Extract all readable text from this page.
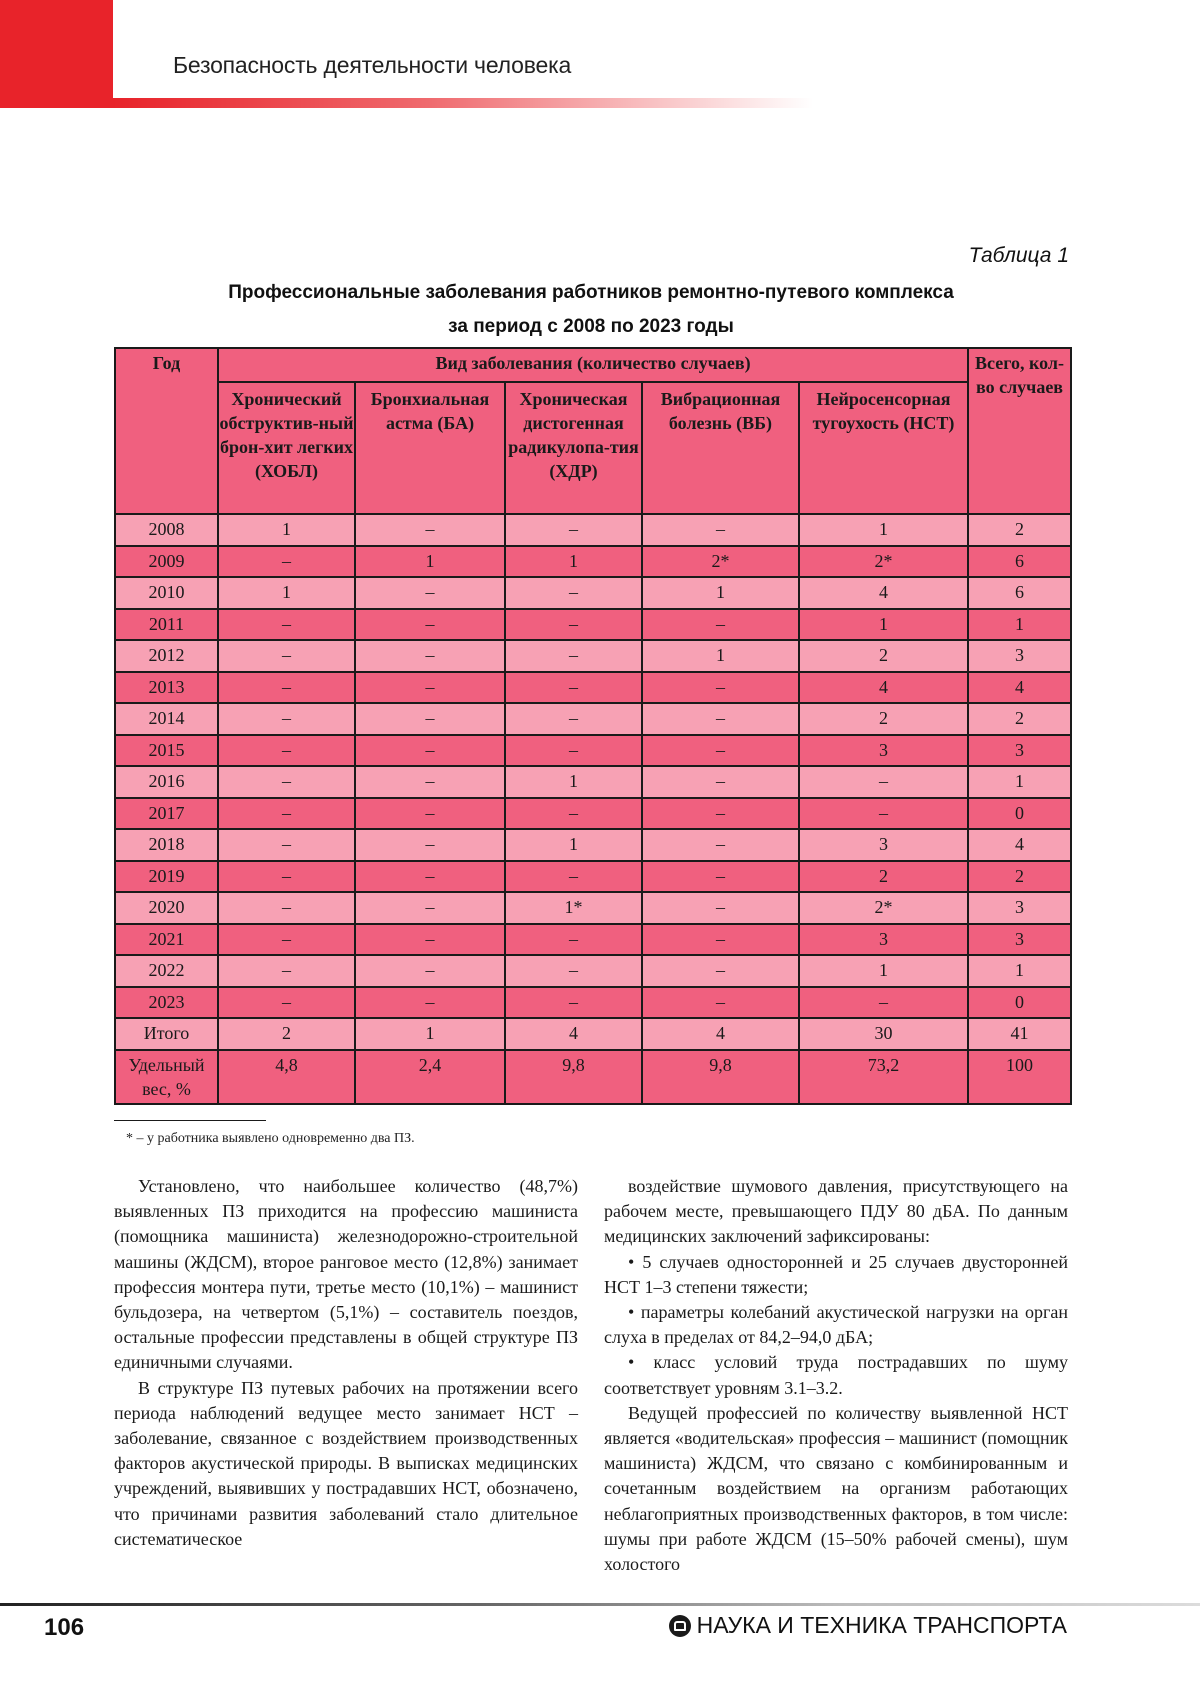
Безопасность деятельности человека
Таблица 1
Профессиональные заболевания работников ремонтно-путевого комплекса
за период с 2008 по 2023 годы
Год	Вид заболевания (количество случаев)					Всего, кол-во случаев
	Хронический обструктив-ный брон-хит легких (ХОБЛ)	Бронхиальная астма (БА)	Хроническая дистогенная радикулопа-тия (ХДР)	Вибрационная болезнь (ВБ)	Нейросенсорная тугоухость (НСТ)	
2008	1	–	–	–	1	2
2009	–	1	1	2*	2*	6
2010	1	–	–	1	4	6
2011	–	–	–	–	1	1
2012	–	–	–	1	2	3
2013	–	–	–	–	4	4
2014	–	–	–	–	2	2
2015	–	–	–	–	3	3
2016	–	–	1	–	–	1
2017	–	–	–	–	–	0
2018	–	–	1	–	3	4
2019	–	–	–	–	2	2
2020	–	–	1*	–	2*	3
2021	–	–	–	–	3	3
2022	–	–	–	–	1	1
2023	–	–	–	–	–	0
Итого	2	1	4	4	30	41
Удельный вес, %	4,8	2,4	9,8	9,8	73,2	100
* – у работника выявлено одновременно два ПЗ.

Установлено, что наибольшее количество (48,7%) выявленных ПЗ приходится на профессию машиниста (помощника машиниста) железнодорожно-строительной машины (ЖДСМ), второе ранговое место (12,8%) занимает профессия монтера пути, третье место (10,1%) – машинист бульдозера, на четвертом (5,1%) – составитель поездов, остальные профессии представлены в общей структуре ПЗ единичными случаями.

В структуре ПЗ путевых рабочих на протяжении всего периода наблюдений ведущее место занимает НСТ – заболевание, связанное с воздействием производственных факторов акустической природы. В выписках медицинских учреждений, выявивших у пострадавших НСТ, обозначено, что причинами развития заболеваний стало длительное систематическое

воздействие шумового давления, присутствующего на рабочем месте, превышающего ПДУ 80 дБА. По данным медицинских заключений зафиксированы:

• 5 случаев односторонней и 25 случаев двусторонней НСТ 1–3 степени тяжести;

• параметры колебаний акустической нагрузки на орган слуха в пределах от 84,2–94,0 дБА;

• класс условий труда пострадавших по шуму соответствует уровням 3.1–3.2.

Ведущей профессией по количеству выявленной НСТ является «водительская» профессия – машинист (помощник машиниста) ЖДСМ, что связано с комбинированным и сочетанным воздействием на организм работающих неблагоприятных производственных факторов, в том числе: шумы при работе ЖДСМ (15–50% рабочей смены), шум холостого

106	НАУКА И ТЕХНИКА ТРАНСПОРТА
